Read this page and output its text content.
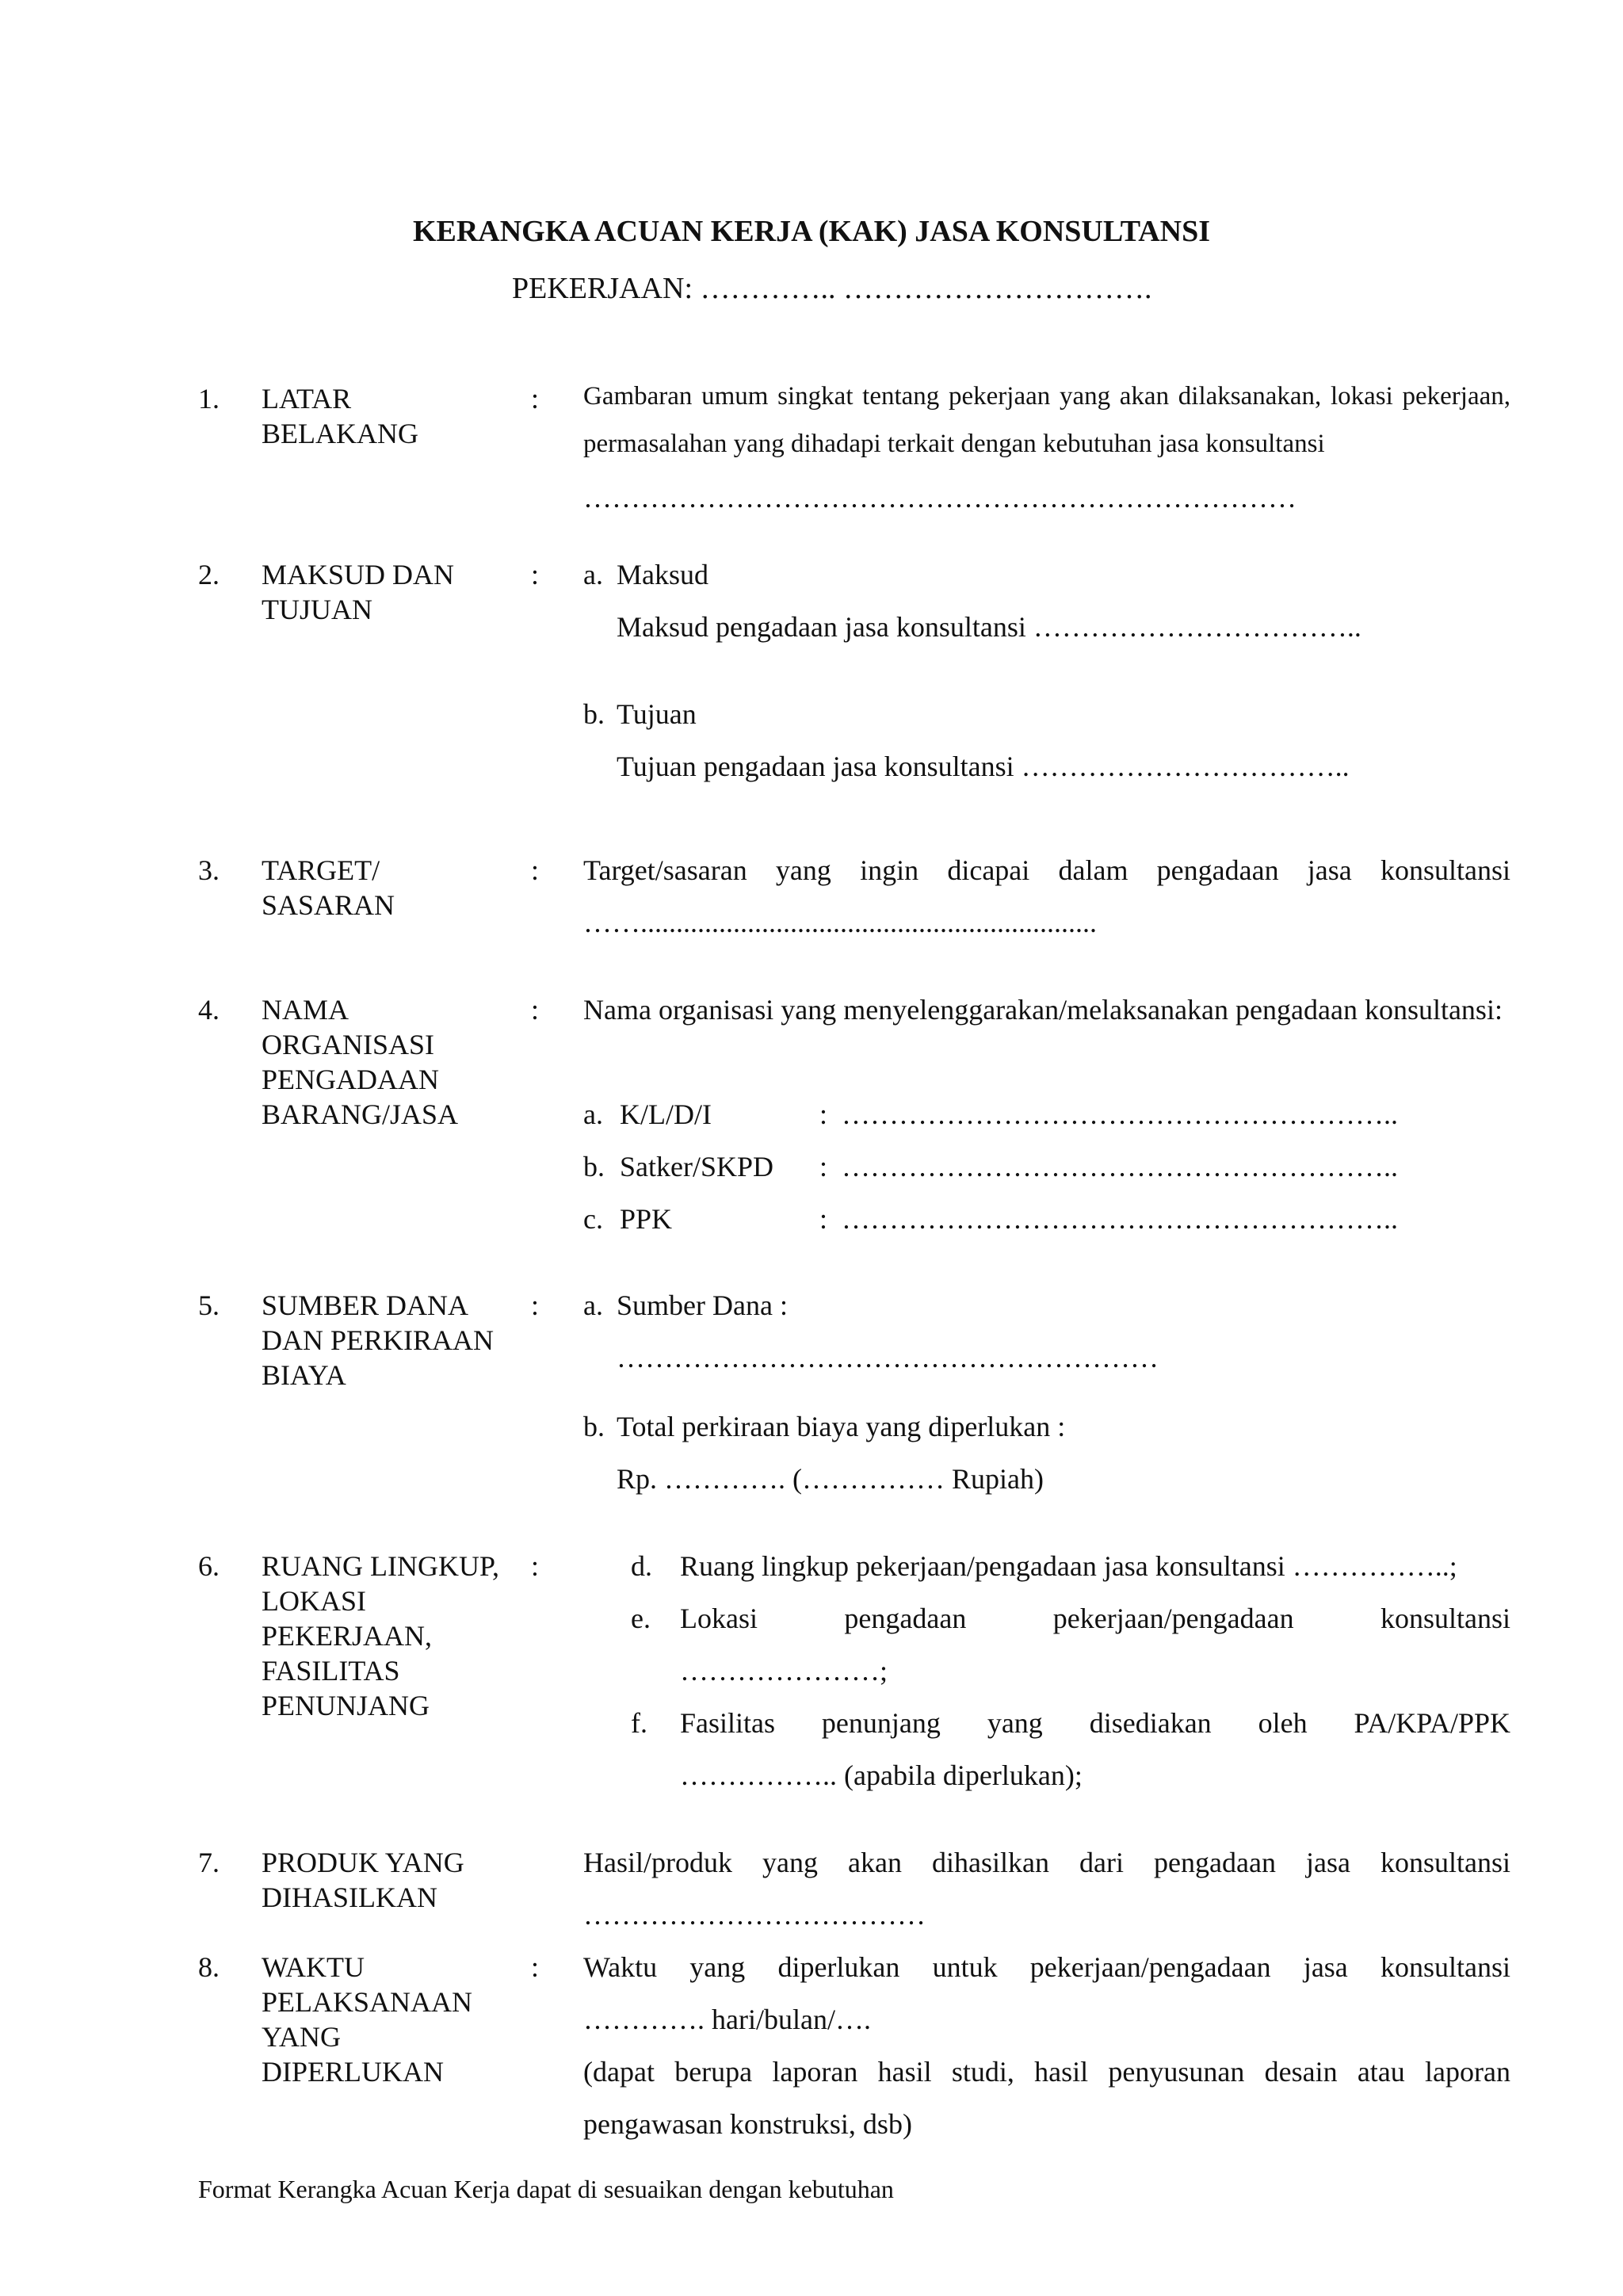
KERANGKA ACUAN KERJA (KAK) JASA KONSULTANSI
PEKERJAAN: ………….. ………………………….
1. LATAR BELAKANG
: Gambaran umum singkat tentang pekerjaan yang akan dilaksanakan, lokasi pekerjaan, permasalahan yang dihadapi terkait dengan kebutuhan jasa konsultansi
…………………………………………………………………
2. MAKSUD DAN TUJUAN
: a. Maksud
Maksud pengadaan jasa konsultansi ……………………………..
b. Tujuan
Tujuan pengadaan jasa konsultansi ……………………………..
3. TARGET/ SASARAN
: Target/sasaran yang ingin dicapai dalam pengadaan jasa konsultansi
……................................................................
4. NAMA ORGANISASI PENGADAAN BARANG/JASA
: Nama organisasi yang menyelenggarakan/melaksanakan pengadaan konsultansi:
a. K/L/D/I	: …………………………………………………..
b. Satker/SKPD : …………………………………………………..
c. PPK	: …………………………………………………..
5. SUMBER DANA DAN PERKIRAAN BIAYA
: a. Sumber Dana :
…………………………………………………
b. Total perkiraan biaya yang diperlukan :
Rp. …………. (…………… Rupiah)
6. RUANG LINGKUP, LOKASI PEKERJAAN, FASILITAS PENUNJANG
:	d. Ruang lingkup pekerjaan/pengadaan jasa konsultansi ……………..;
e. Lokasi pengadaan pekerjaan/pengadaan konsultansi
…………………;
f. Fasilitas penunjang yang disediakan oleh PA/KPA/PPK
…………….. (apabila diperlukan);
7. PRODUK YANG DIHASILKAN
Hasil/produk yang akan dihasilkan dari pengadaan jasa konsultansi
………………………………
8. WAKTU PELAKSANAAN YANG DIPERLUKAN
: Waktu yang diperlukan untuk pekerjaan/pengadaan jasa konsultansi
…………. hari/bulan/….
(dapat berupa laporan hasil studi, hasil penyusunan desain atau laporan pengawasan konstruksi, dsb)
Format Kerangka Acuan Kerja dapat di sesuaikan dengan kebutuhan
